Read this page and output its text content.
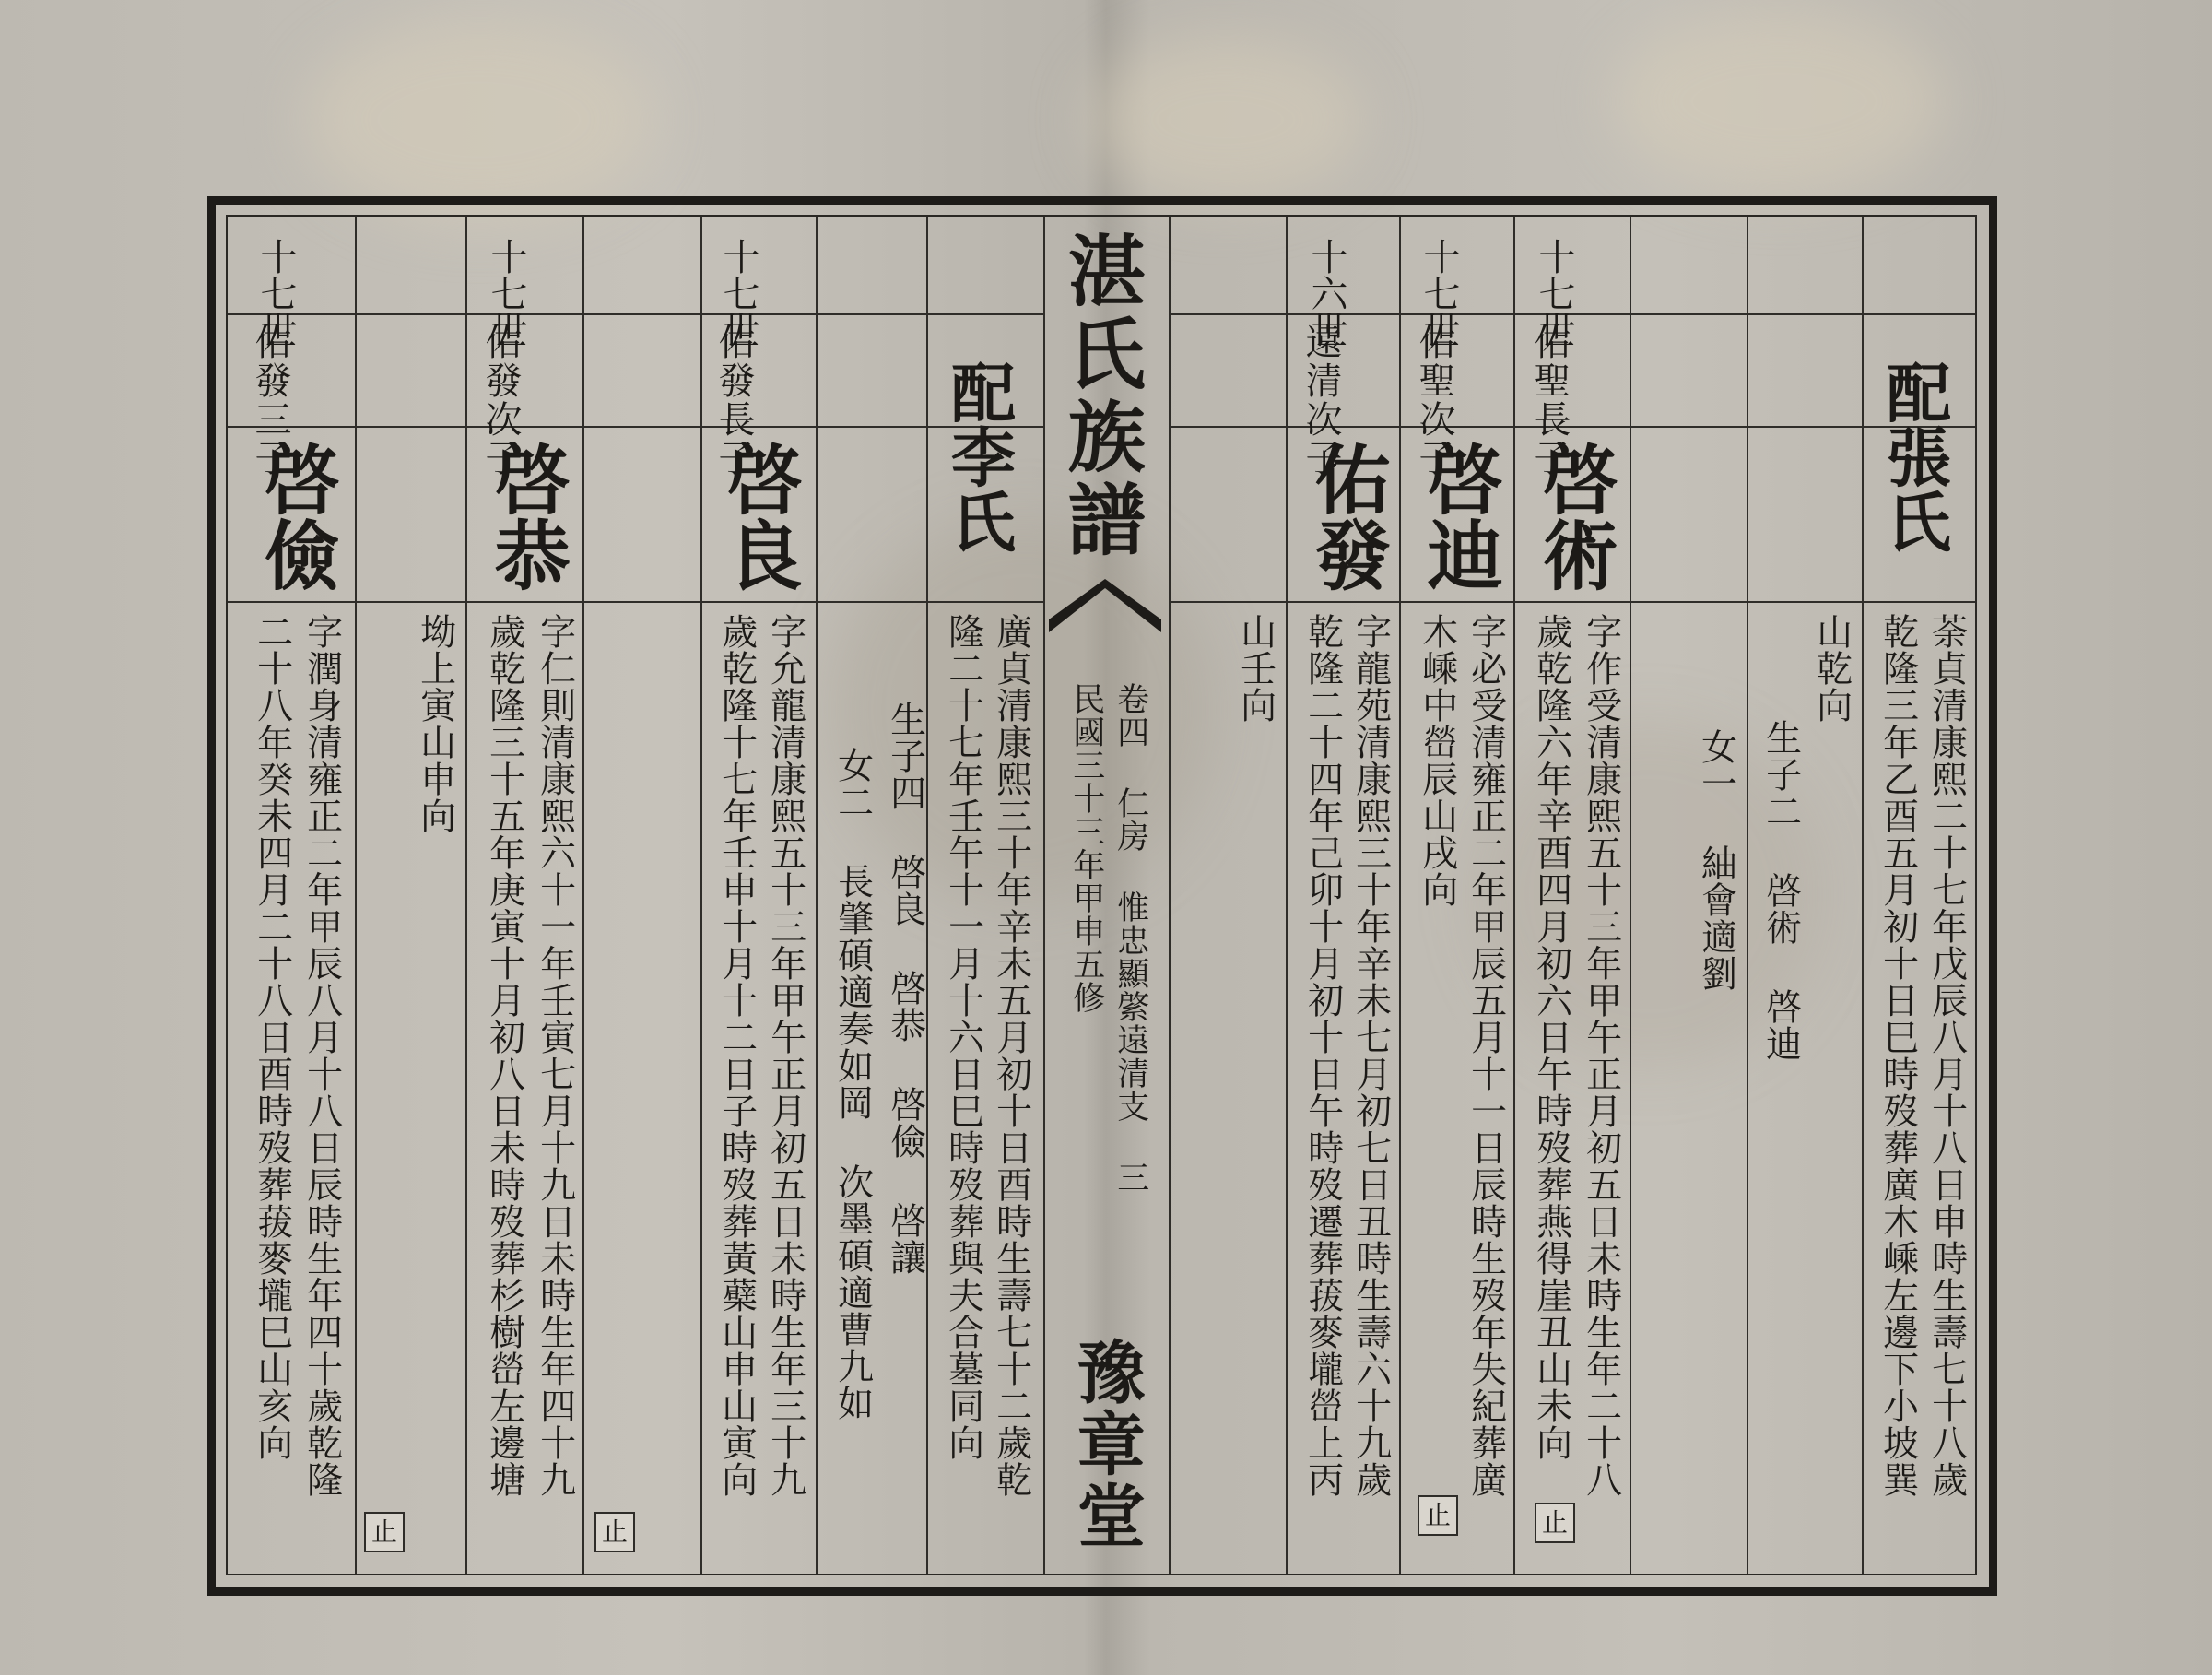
十七世
佑發三子
啓儉
字潤身清雍正二年甲辰八月十八日辰時生年四十歲乾隆
二十八年癸未四月二十八日酉時歿葬菝麥壠巳山亥向
止
十七世
佑發次子
啓恭
字仁則清康熙六十一年壬寅七月十九日未時生年四十九
歲乾隆三十五年庚寅十月初八日未時歿葬杉樹嵤左邊塘
坳上寅山申向
止
十七世
佑發長子
啓良
字允龍清康熙五十三年甲午正月初五日未時生年三十九
歲乾隆十七年壬申十月十二日子時歿葬黃蘗山申山寅向	生子四 啓良 啓恭 啓儉 啓讓
女二 長肇碩適奏如岡 次墨碩適曹九如
配李氏
廣貞清康熙三十年辛未五月初十日酉時生壽七十二歲乾
隆二十七年壬午十一月十六日巳時歿葬與夫合墓同向
湛氏族譜
卷四 仁房 惟忠顯綮遠清支 三
民國三十三年甲申五修
豫章堂
十六世
遠清次子
佑發
字龍苑清康熙三十年辛未七月初七日丑時生壽六十九歲
乾隆二十四年己卯十月初十日午時歿遷葬菝麥壠嵤上丙
山壬向
止
十七世
佑聖次子
啓迪
字必受清雍正二年甲辰五月十一日辰時生歿年失紀葬廣
木嵊中嵤辰山戌向
十七世
佑聖長子
啓術
字作受清康熙五十三年甲午正月初五日未時生年二十八
歲乾隆六年辛酉四月初六日午時歿葬燕得崖丑山未向
止
生子二 啓術 啓迪
女一 紬會適劉
配張氏
荼貞清康熙二十七年戊辰八月十八日申時生壽七十八歲
乾隆三年乙酉五月初十日巳時歿葬廣木嵊左邊下小坡巽
山乾向
